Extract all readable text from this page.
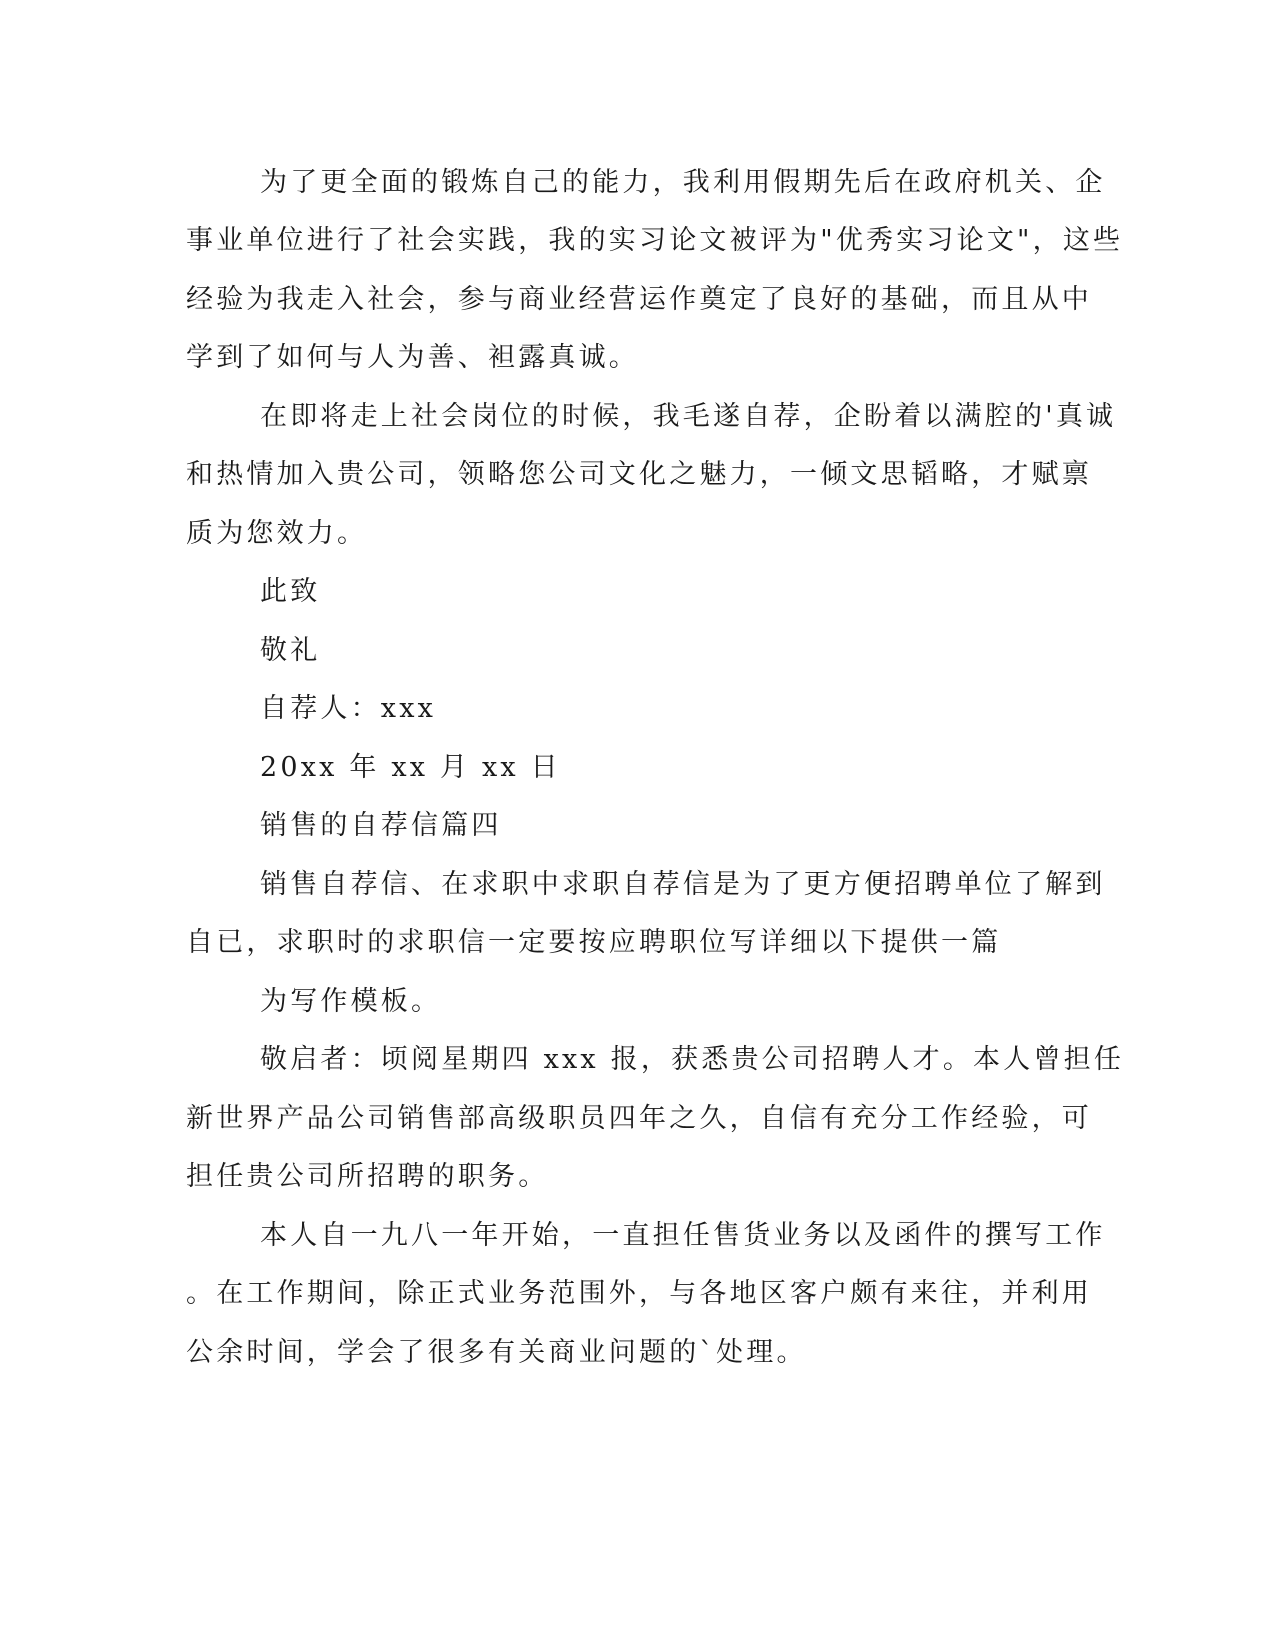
为了更全面的锻炼自己的能力，我利用假期先后在政府机关、企
事业单位进行了社会实践，我的实习论文被评为"优秀实习论文"，这些
经验为我走入社会，参与商业经营运作奠定了良好的基础，而且从中
学到了如何与人为善、袒露真诚。
在即将走上社会岗位的时候，我毛遂自荐，企盼着以满腔的'真诚
和热情加入贵公司，领略您公司文化之魅力，一倾文思韬略，才赋禀
质为您效力。
此致
敬礼
自荐人：xxx
20xx 年 xx 月 xx 日
销售的自荐信篇四
销售自荐信、在求职中求职自荐信是为了更方便招聘单位了解到
自已，求职时的求职信一定要按应聘职位写详细以下提供一篇
为写作模板。
敬启者：顷阅星期四 xxx 报，获悉贵公司招聘人才。本人曾担任
新世界产品公司销售部高级职员四年之久，自信有充分工作经验，可
担任贵公司所招聘的职务。
本人自一九八一年开始，一直担任售货业务以及函件的撰写工作
。在工作期间，除正式业务范围外，与各地区客户颇有来往，并利用
公余时间，学会了很多有关商业问题的`处理。
